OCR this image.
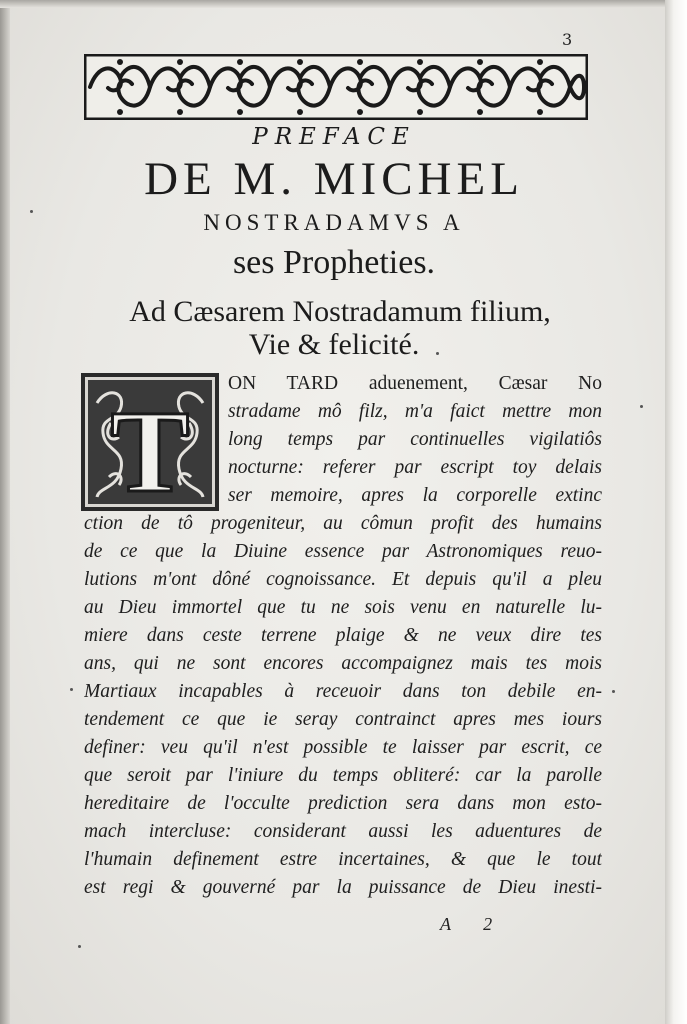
3
PREFACE
DE M. MICHEL
NOSTRADAMVS A
ses Propheties.
Ad Cæsarem Nostradamum filium,
Vie & felicité.
T
ON TARD aduenement, Cæsar No
stradame mô filz, m'a faict mettre mon
long temps par continuelles vigilatiôs
nocturne: referer par escript toy delais
ser memoire, apres la corporelle extinc
ction de tô progeniteur, au cômun profit des humains
de ce que la Diuine essence par Astronomiques reuo-
lutions m'ont dôné cognoissance. Et depuis qu'il a pleu
au Dieu immortel que tu ne sois venu en naturelle lu-
miere dans ceste terrene plaige & ne veux dire tes
ans, qui ne sont encores accompaignez mais tes mois
Martiaux incapables à receuoir dans ton debile en-
tendement ce que ie seray contrainct apres mes iours
definer: veu qu'il n'est possible te laisser par escrit, ce
que seroit par l'iniure du temps obliteré: car la parolle
hereditaire de l'occulte prediction sera dans mon esto-
mach intercluse: considerant aussi les aduentures de
l'humain definement estre incertaines, & que le tout
est regi & gouverné par la puissance de Dieu inesti-
A 2
